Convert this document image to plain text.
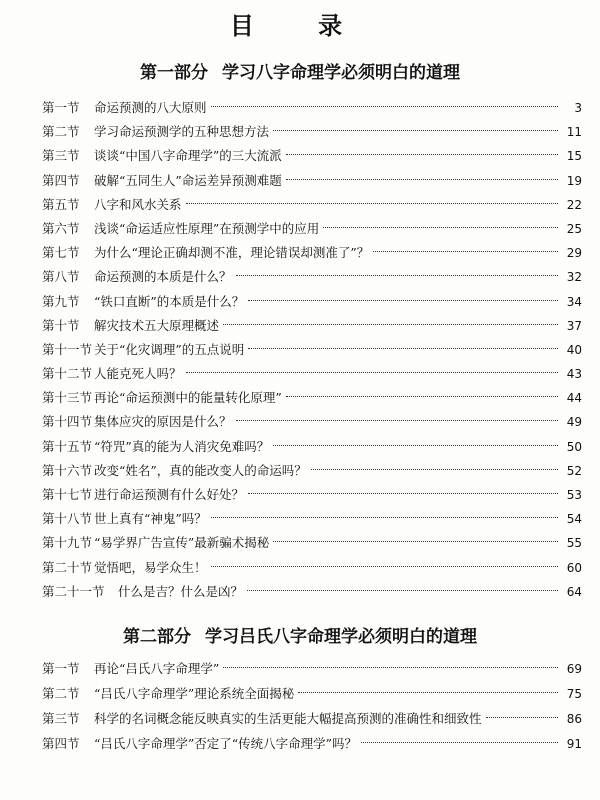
目 录
第一部分 学习八字命理学必须明白的道理
第一节	命运预测的八大原则	3
第二节	学习命运预测学的五种思想方法	11
第三节	谈谈“中国八字命理学”的三大流派	15
第四节	破解“五同生人”命运差异预测难题	19
第五节	八字和风水关系	22
第六节	浅谈“命运适应性原理”在预测学中的应用	25
第七节	为什么“理论正确却测不准，理论错误却测准了”？	29
第八节	命运预测的本质是什么？	32
第九节	“铁口直断”的本质是什么？	34
第十节	解灾技术五大原理概述	37
第十一节 关于“化灾调理”的五点说明	40
第十二节 人能克死人吗？	43
第十三节 再论“命运预测中的能量转化原理”	44
第十四节 集体应灾的原因是什么？	49
第十五节 “符咒”真的能为人消灾免难吗？	50
第十六节 改变“姓名”，真的能改变人的命运吗？	52
第十七节 进行命运预测有什么好处？	53
第十八节 世上真有“神鬼”吗？	54
第十九节 “易学界广告宣传”最新骗术揭秘	55
第二十节 觉悟吧，易学众生！	60
第二十一节	什么是吉？什么是凶？	64
第二部分 学习吕氏八字命理学必须明白的道理
第一节	再论“吕氏八字命理学”	69
第二节	“吕氏八字命理学”理论系统全面揭秘	75
第三节	科学的名词概念能反映真实的生活更能大幅提高预测的准确性和细致性	86
第四节	“吕氏八字命理学”否定了“传统八字命理学”吗？	91
